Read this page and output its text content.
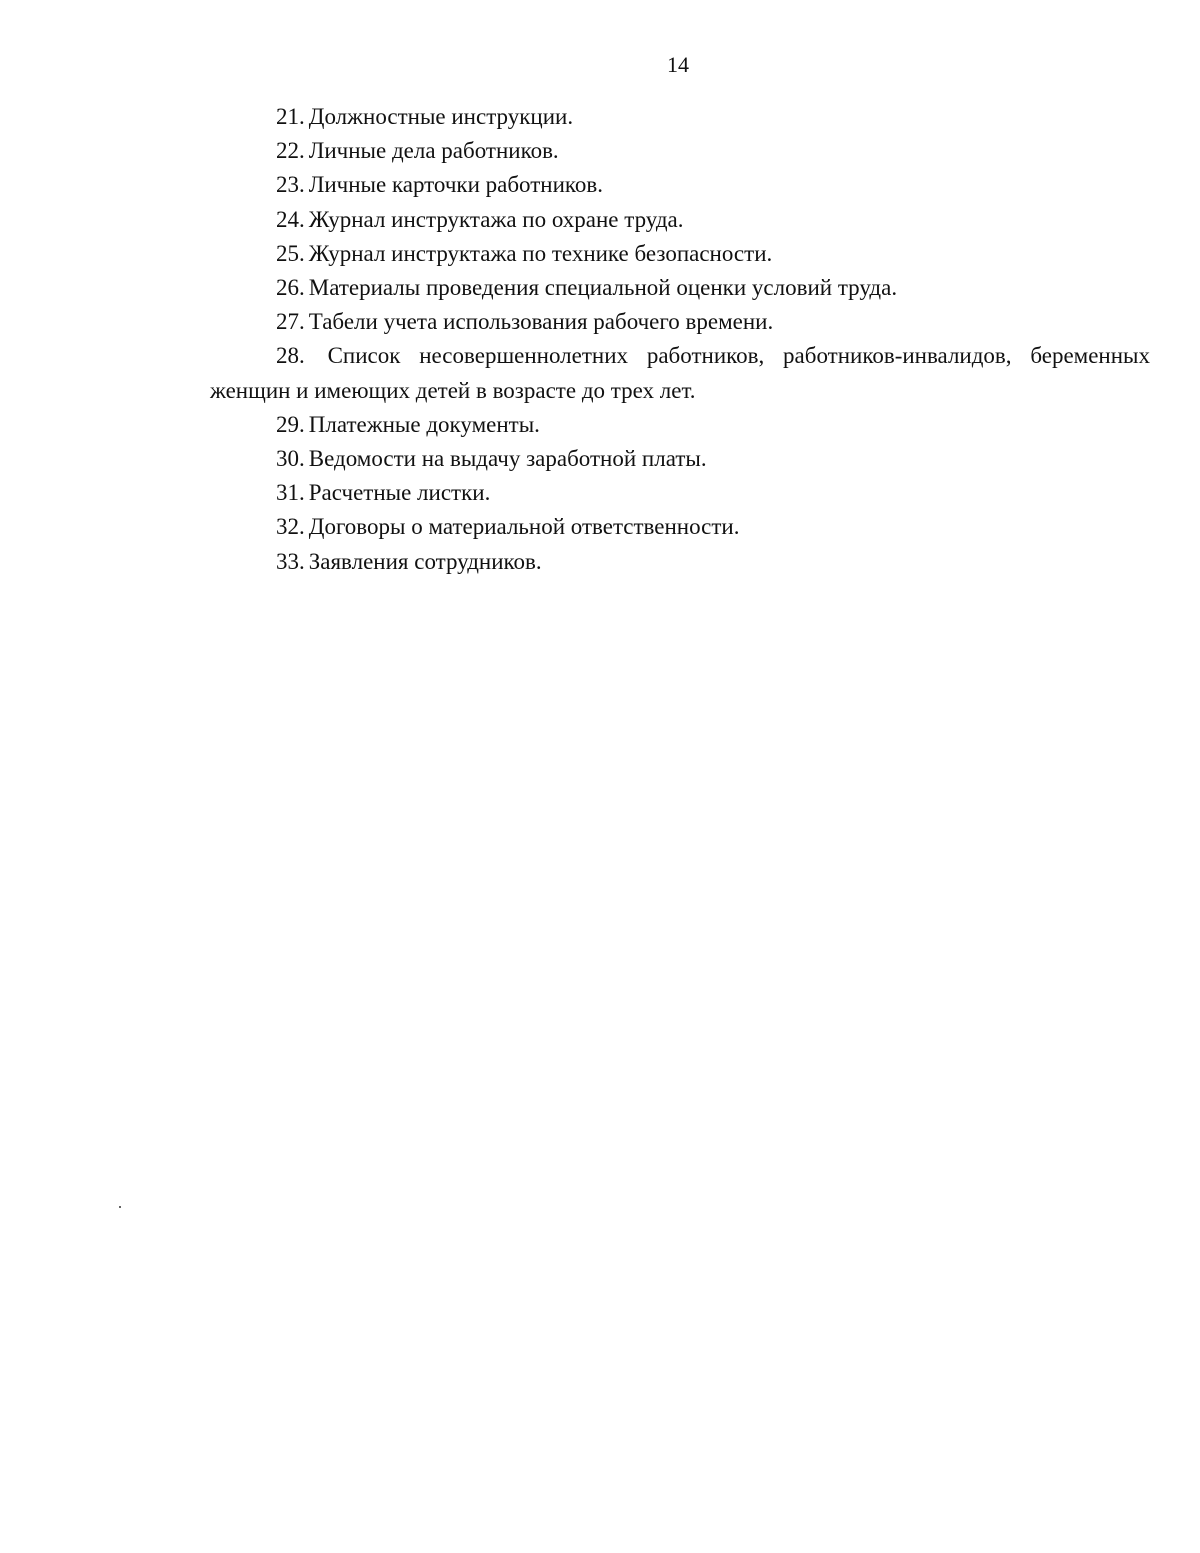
14

21. Должностные инструкции.

22. Личные дела работников.

23. Личные карточки работников.

24. Журнал инструктажа по охране труда.

25. Журнал инструктажа по технике безопасности.

26. Материалы проведения специальной оценки условий труда.

27. Табели учета использования рабочего времени.

28. Список несовершеннолетних работников, работников-инвалидов, беременных женщин и имеющих детей в возрасте до трех лет.

29. Платежные документы.

30. Ведомости на выдачу заработной платы.

31. Расчетные листки.

32. Договоры о материальной ответственности.

33. Заявления сотрудников.
